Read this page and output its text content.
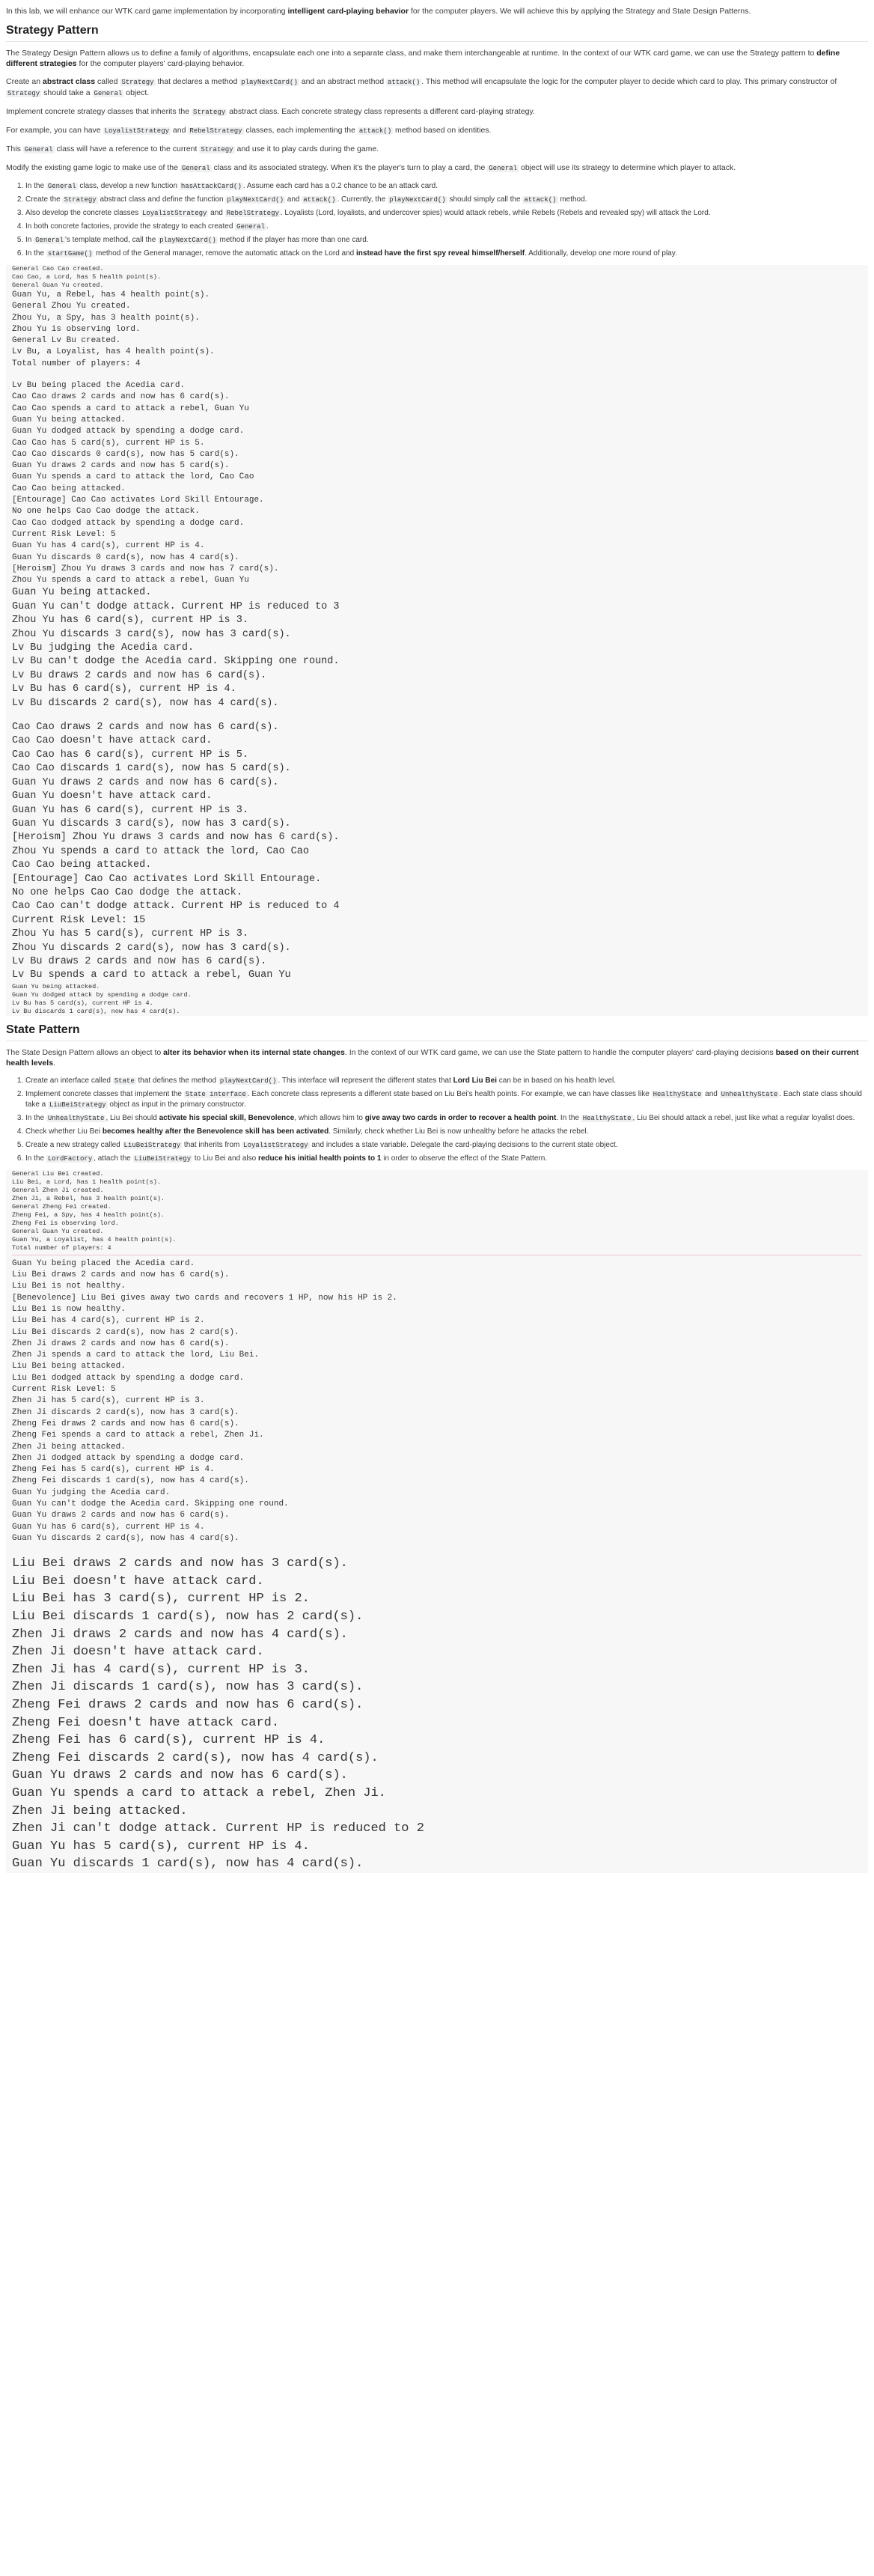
In this lab, we will enhance our WTK card game implementation by incorporating intelligent card-playing behavior for the computer players. We will achieve this by applying the Strategy and State Design Patterns.

Strategy Pattern

The Strategy Design Pattern allows us to define a family of algorithms, encapsulate each one into a separate class, and make them interchangeable at runtime. In the context of our WTK card game, we can use the Strategy pattern to define different strategies for the computer players' card-playing behavior.

Create an abstract class called Strategy that declares a method playNextCard() and an abstract method attack() . This method will encapsulate the logic for the computer player to decide which card to play. This primary constructor of Strategy should take a General object.

Implement concrete strategy classes that inherits the Strategy abstract class. Each concrete strategy class represents a different card-playing strategy.

For example, you can have LoyalistStrategy and RebelStrategy classes, each implementing the attack() method based on identities.

This General class will have a reference to the current Strategy and use it to play cards during the game.

Modify the existing game logic to make use of the General class and its associated strategy. When it's the player's turn to play a card, the General object will use its strategy to determine which player to attack.

1. In the General class, develop a new function hasAttackCard() . Assume each card has a 0.2 chance to be an attack card.
2. Create the Strategy abstract class and define the function playNextCard() and attack() . Currently, the playNextCard() should simply call the attack() method.
3. Also develop the concrete classes LoyalistStrategy and RebelStrategy . Loyalists (Lord, loyalists, and undercover spies) would attack rebels, while Rebels (Rebels and revealed spy) will attack the Lord.
4. In both concrete factories, provide the strategy to each created General .
5. In General 's template method, call the playNextCard() method if the player has more than one card.
6. In the startGame() method of the General manager, remove the automatic attack on the Lord and instead have the first spy reveal himself/herself. Additionally, develop one more round of play.
General Cao Cao created.
Cao Cao, a Lord, has 5 health point(s).
General Guan Yu created.
Guan Yu, a Rebel, has 4 health point(s).
General Zhou Yu created.
Zhou Yu, a Spy, has 3 health point(s).
Zhou Yu is observing lord.
General Lv Bu created.
Lv Bu, a Loyalist, has 4 health point(s).
Total number of players: 4
Lv Bu being placed the Acedia card.
Cao Cao draws 2 cards and now has 6 card(s).
Cao Cao spends a card to attack a rebel, Guan Yu
Guan Yu being attacked.
Guan Yu dodged attack by spending a dodge card.
Cao Cao has 5 card(s), current HP is 5.
Cao Cao discards 0 card(s), now has 5 card(s).
Guan Yu draws 2 cards and now has 5 card(s).
Guan Yu spends a card to attack the lord, Cao Cao
Cao Cao being attacked.
[Entourage] Cao Cao activates Lord Skill Entourage.
No one helps Cao Cao dodge the attack.
Cao Cao dodged attack by spending a dodge card.
Current Risk Level: 5
Guan Yu has 4 card(s), current HP is 4.
Guan Yu discards 0 card(s), now has 4 card(s).
[Heroism] Zhou Yu draws 3 cards and now has 7 card(s).
Zhou Yu spends a card to attack a rebel, Guan Yu
Guan Yu being attacked.
Guan Yu can't dodge attack. Current HP is reduced to 3
Zhou Yu has 6 card(s), current HP is 3.
Zhou Yu discards 3 card(s), now has 3 card(s).
Lv Bu judging the Acedia card.
Lv Bu can't dodge the Acedia card. Skipping one round.
Lv Bu draws 2 cards and now has 6 card(s).
Lv Bu has 6 card(s), current HP is 4.
Lv Bu discards 2 card(s), now has 4 card(s).
Cao Cao draws 2 cards and now has 6 card(s).
Cao Cao doesn't have attack card.
Cao Cao has 6 card(s), current HP is 5.
Cao Cao discards 1 card(s), now has 5 card(s).
Guan Yu draws 2 cards and now has 6 card(s).
Guan Yu doesn't have attack card.
Guan Yu has 6 card(s), current HP is 3.
Guan Yu discards 3 card(s), now has 3 card(s).
[Heroism] Zhou Yu draws 3 cards and now has 6 card(s).
Zhou Yu spends a card to attack the lord, Cao Cao
Cao Cao being attacked.
[Entourage] Cao Cao activates Lord Skill Entourage.
No one helps Cao Cao dodge the attack.
Cao Cao can't dodge attack. Current HP is reduced to 4
Current Risk Level: 15
Zhou Yu has 5 card(s), current HP is 3.
Zhou Yu discards 2 card(s), now has 3 card(s).
Lv Bu draws 2 cards and now has 6 card(s).
Lv Bu spends a card to attack a rebel, Guan Yu
Guan Yu being attacked.
Guan Yu dodged attack by spending a dodge card.
Lv Bu has 5 card(s), current HP is 4.
Lv Bu discards 1 card(s), now has 4 card(s).
State Pattern

The State Design Pattern allows an object to alter its behavior when its internal state changes. In the context of our WTK card game, we can use the State pattern to handle the computer players' card-playing decisions based on their current health levels.

1. Create an interface called State that defines the method playNextCard() . This interface will represent the different states that Lord Liu Bei can be in based on his health level.
2. Implement concrete classes that implement the State interface . Each concrete class represents a different state based on Liu Bei's health points. For example, we can have classes like HealthyState and UnhealthyState . Each state class should take a LiuBeiStrategy object as input in the primary constructor.
3. In the UnhealthyState , Liu Bei should activate his special skill, Benevolence, which allows him to give away two cards in order to recover a health point. In the HealthyState , Liu Bei should attack a rebel, just like what a regular loyalist does.
4. Check whether Liu Bei becomes healthy after the Benevolence skill has been activated. Similarly, check whether Liu Bei is now unhealthy before he attacks the rebel.
5. Create a new strategy called LiuBeiStrategy that inherits from LoyalistStrategy and includes a state variable. Delegate the card-playing decisions to the current state object.
6. In the LordFactory , attach the LiuBeiStrategy to Liu Bei and also reduce his initial health points to 1 in order to observe the effect of the State Pattern.
General Liu Bei created.
Liu Bei, a Lord, has 1 health point(s).
General Zhen Ji created.
Zhen Ji, a Rebel, has 3 health point(s).
General Zheng Fei created.
Zheng Fei, a Spy, has 4 health point(s).
Zheng Fei is observing lord.
General Guan Yu created.
Guan Yu, a Loyalist, has 4 health point(s).
Total number of players: 4
Guan Yu being placed the Acedia card.
Liu Bei draws 2 cards and now has 6 card(s).
Liu Bei is not healthy.
[Benevolence] Liu Bei gives away two cards and recovers 1 HP, now his HP is 2.
Liu Bei is now healthy.
Liu Bei has 4 card(s), current HP is 2.
Liu Bei discards 2 card(s), now has 2 card(s).
Zhen Ji draws 2 cards and now has 6 card(s).
Zhen Ji spends a card to attack the lord, Liu Bei.
Liu Bei being attacked.
Liu Bei dodged attack by spending a dodge card.
Current Risk Level: 5
Zhen Ji has 5 card(s), current HP is 3.
Zhen Ji discards 2 card(s), now has 3 card(s).
Zheng Fei draws 2 cards and now has 6 card(s).
Zheng Fei spends a card to attack a rebel, Zhen Ji.
Zhen Ji being attacked.
Zhen Ji dodged attack by spending a dodge card.
Zheng Fei has 5 card(s), current HP is 4.
Zheng Fei discards 1 card(s), now has 4 card(s).
Guan Yu judging the Acedia card.
Guan Yu can't dodge the Acedia card. Skipping one round.
Guan Yu draws 2 cards and now has 6 card(s).
Guan Yu has 6 card(s), current HP is 4.
Guan Yu discards 2 card(s), now has 4 card(s).
Liu Bei draws 2 cards and now has 3 card(s).
Liu Bei doesn't have attack card.
Liu Bei has 3 card(s), current HP is 2.
Liu Bei discards 1 card(s), now has 2 card(s).
Zhen Ji draws 2 cards and now has 4 card(s).
Zhen Ji doesn't have attack card.
Zhen Ji has 4 card(s), current HP is 3.
Zhen Ji discards 1 card(s), now has 3 card(s).
Zheng Fei draws 2 cards and now has 6 card(s).
Zheng Fei doesn't have attack card.
Zheng Fei has 6 card(s), current HP is 4.
Zheng Fei discards 2 card(s), now has 4 card(s).
Guan Yu draws 2 cards and now has 6 card(s).
Guan Yu spends a card to attack a rebel, Zhen Ji.
Zhen Ji being attacked.
Zhen Ji can't dodge attack. Current HP is reduced to 2
Guan Yu has 5 card(s), current HP is 4.
Guan Yu discards 1 card(s), now has 4 card(s).
